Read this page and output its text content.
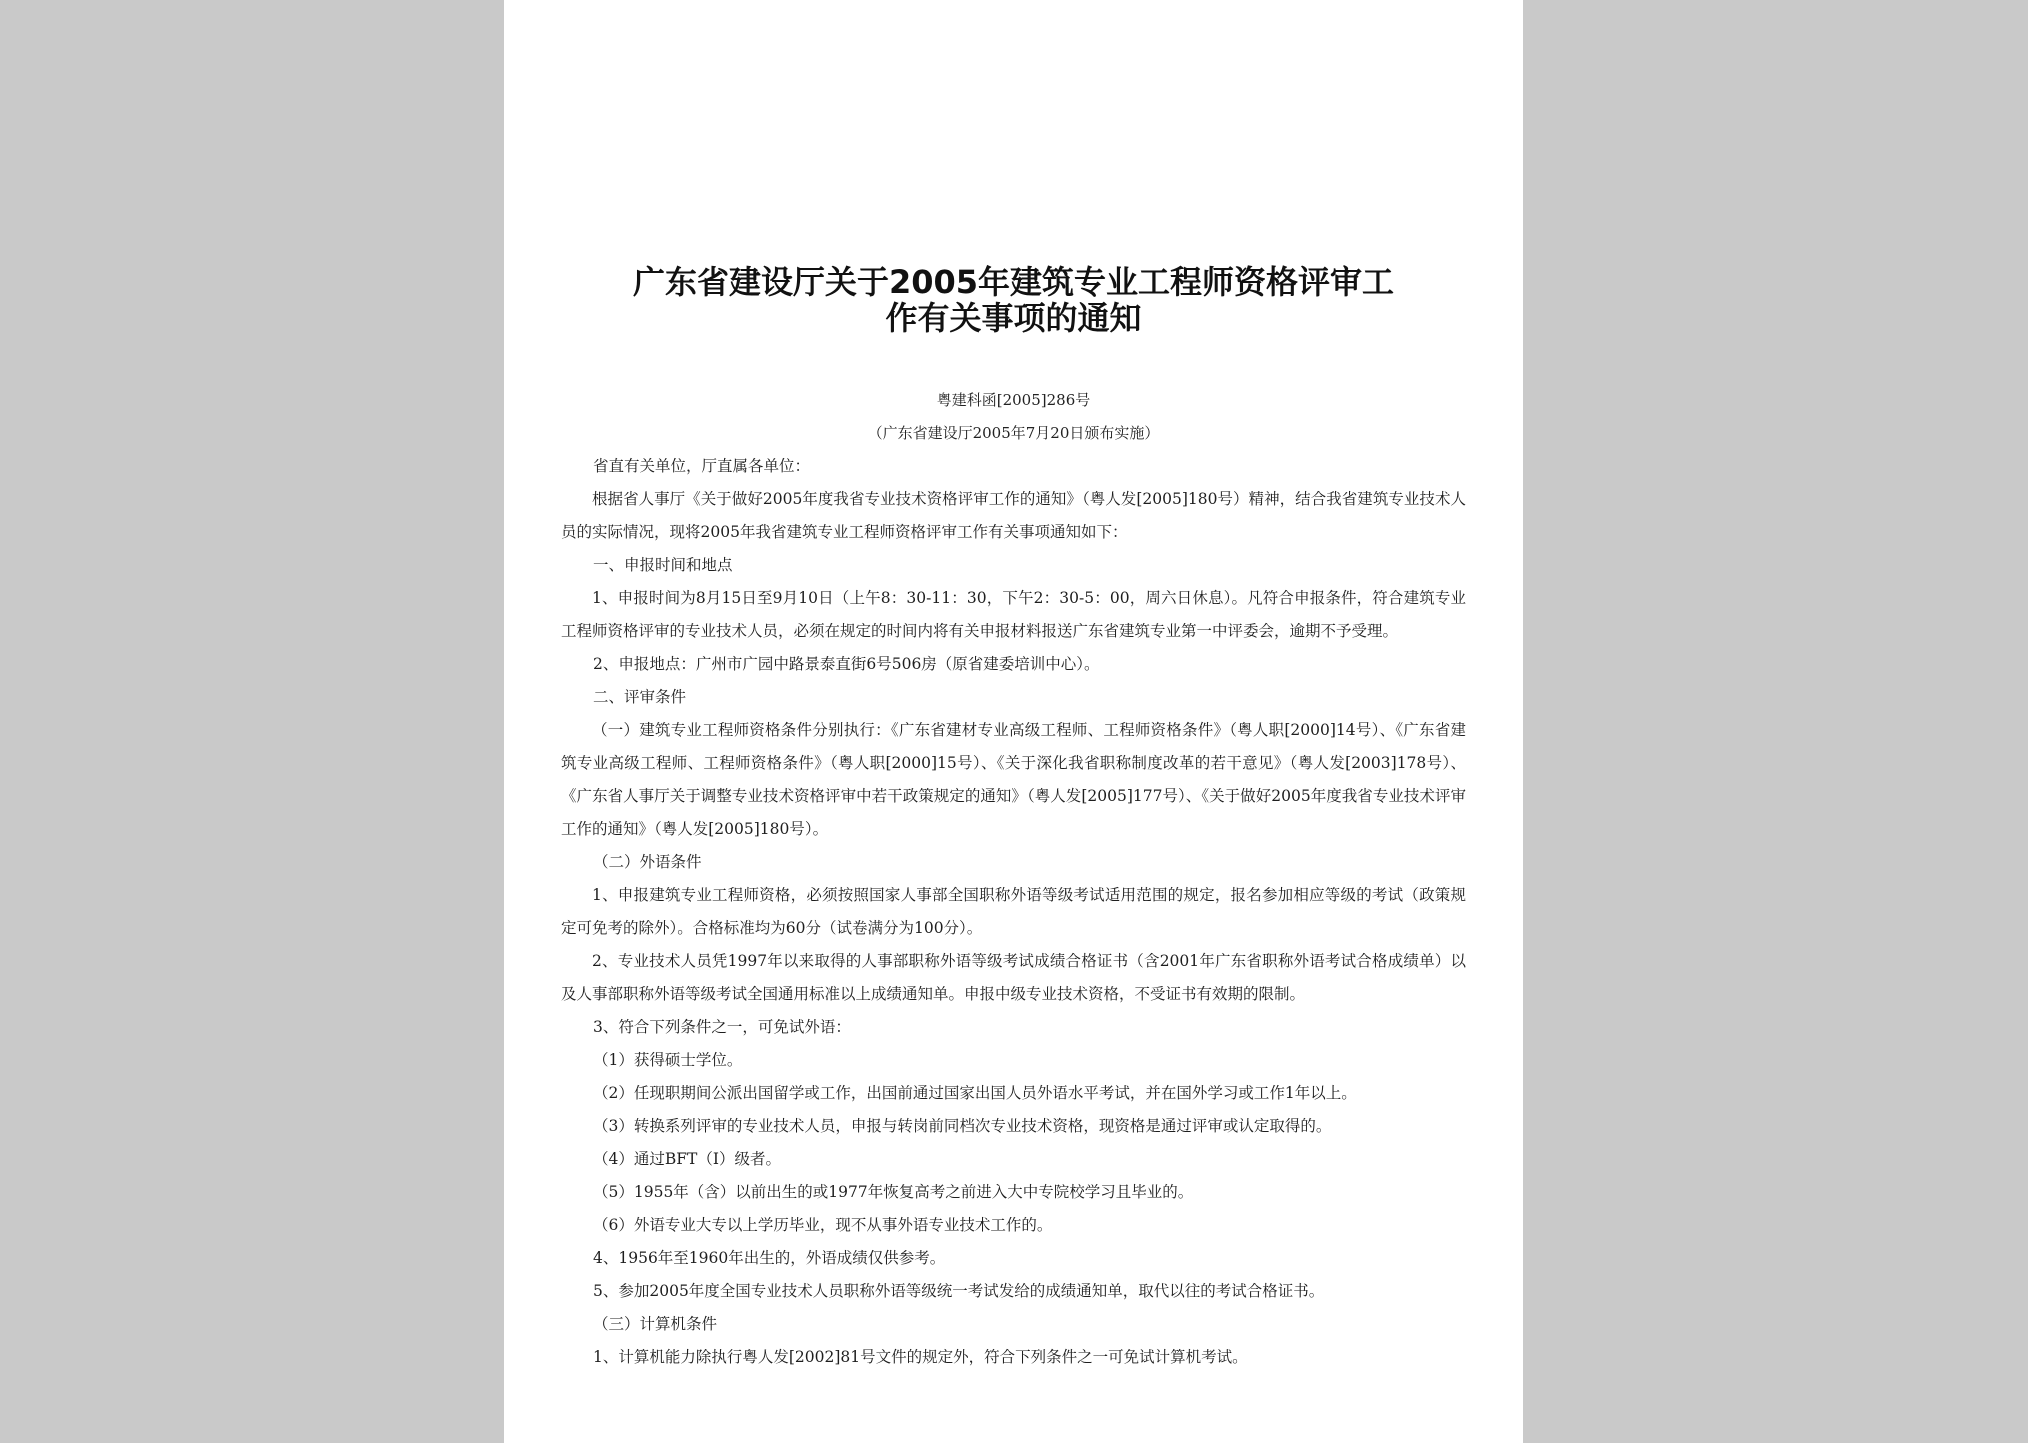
广东省建设厅关于2005年建筑专业工程师资格评审工
作有关事项的通知
粤建科函[2005]286号
（广东省建设厅2005年7月20日颁布实施）
省直有关单位，厅直属各单位：
根据省人事厅《关于做好2005年度我省专业技术资格评审工作的通知》（粤人发[2005]180号）精神，结合我省建筑专业技术人员的实际情况，现将2005年我省建筑专业工程师资格评审工作有关事项通知如下：
一、申报时间和地点
1、申报时间为8月15日至9月10日（上午8：30-11：30，下午2：30-5：00，周六日休息）。凡符合申报条件，符合建筑专业工程师资格评审的专业技术人员，必须在规定的时间内将有关申报材料报送广东省建筑专业第一中评委会，逾期不予受理。
2、申报地点：广州市广园中路景泰直街6号506房（原省建委培训中心）。
二、评审条件
（一）建筑专业工程师资格条件分别执行：《广东省建材专业高级工程师、工程师资格条件》（粤人职[2000]14号）、《广东省建筑专业高级工程师、工程师资格条件》（粤人职[2000]15号）、《关于深化我省职称制度改革的若干意见》（粤人发[2003]178号）、《广东省人事厅关于调整专业技术资格评审中若干政策规定的通知》（粤人发[2005]177号）、《关于做好2005年度我省专业技术评审工作的通知》（粤人发[2005]180号）。
（二）外语条件
1、申报建筑专业工程师资格，必须按照国家人事部全国职称外语等级考试适用范围的规定，报名参加相应等级的考试（政策规定可免考的除外）。合格标准均为60分（试卷满分为100分）。
2、专业技术人员凭1997年以来取得的人事部职称外语等级考试成绩合格证书（含2001年广东省职称外语考试合格成绩单）以及人事部职称外语等级考试全国通用标准以上成绩通知单。申报中级专业技术资格，不受证书有效期的限制。
3、符合下列条件之一，可免试外语：
（1）获得硕士学位。
（2）任现职期间公派出国留学或工作，出国前通过国家出国人员外语水平考试，并在国外学习或工作1年以上。
（3）转换系列评审的专业技术人员，申报与转岗前同档次专业技术资格，现资格是通过评审或认定取得的。
（4）通过BFT（I）级者。
（5）1955年（含）以前出生的或1977年恢复高考之前进入大中专院校学习且毕业的。
（6）外语专业大专以上学历毕业，现不从事外语专业技术工作的。
4、1956年至1960年出生的，外语成绩仅供参考。
5、参加2005年度全国专业技术人员职称外语等级统一考试发给的成绩通知单，取代以往的考试合格证书。
（三）计算机条件
1、计算机能力除执行粤人发[2002]81号文件的规定外，符合下列条件之一可免试计算机考试。
